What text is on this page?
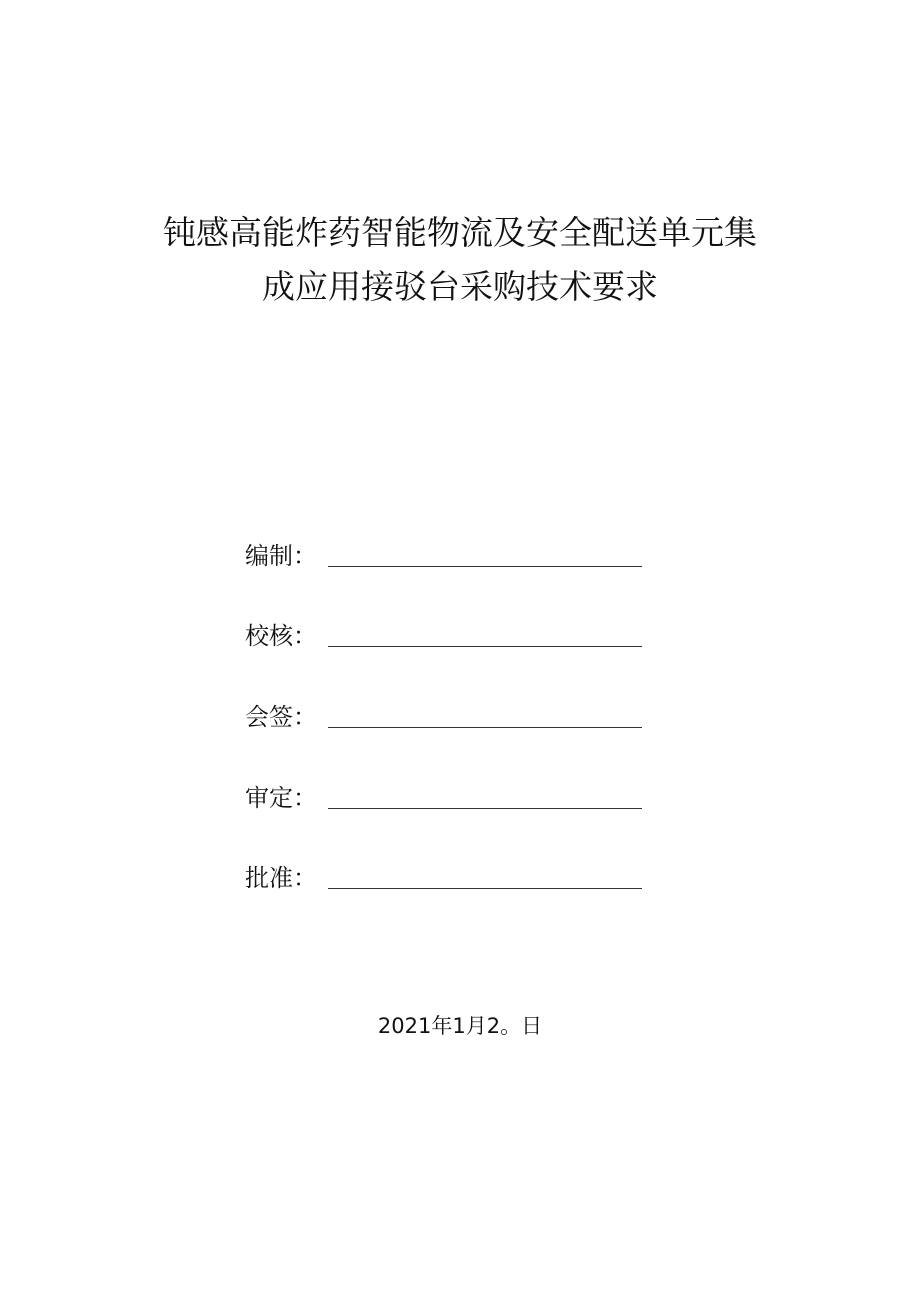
钝感高能炸药智能物流及安全配送单元集
成应用接驳台采购技术要求
编制：
校核：
会签：
审定：
批准：
2021年1月2。日
